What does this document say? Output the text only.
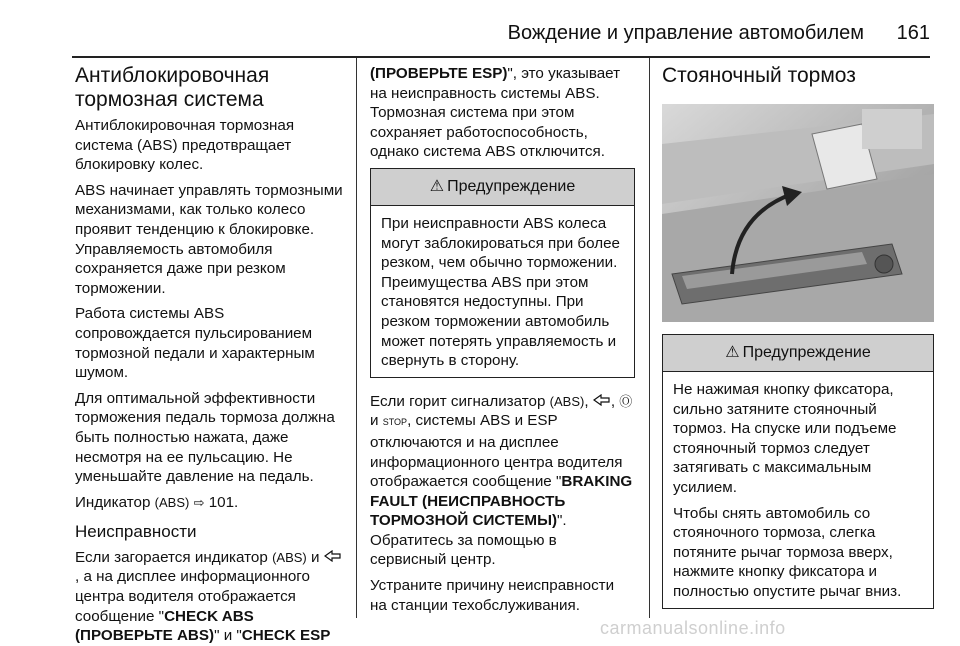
Вождение и управление автомобилем 161
Антиблокировочная тормозная система

Антиблокировочная тормозная система (ABS) предотвращает блокировку колес.

ABS начинает управлять тормозными механизмами, как только колесо проявит тенденцию к блокировке. Управляемость автомобиля сохраняется даже при резком торможении.

Работа системы ABS сопровождается пульсированием тормозной педали и характерным шумом.

Для оптимальной эффективности торможения педаль тормоза должна быть полностью нажата, даже несмотря на ее пульсацию. Не уменьшайте давление на педаль.

Индикатор (ABS) ⇨ 101.

Неисправности

Если загорается индикатор (ABS) и , а на дисплее информационного центра водителя отображается сообщение "CHECK ABS (ПРОВЕРЬТЕ ABS)" и "CHECK ESP

(ПРОВЕРЬТЕ ESP)", это указывает на неисправность системы ABS. Тормозная система при этом сохраняет работоспособность, однако система ABS отключится.

⚠ Предупреждение
При неисправности ABS колеса могут заблокироваться при более резком, чем обычно торможении. Преимущества ABS при этом становятся недоступны. При резком торможении автомобиль может потерять управляемость и свернуть в сторону.

Если горит сигнализатор (ABS), , Ⓞ и STOP, системы ABS и ESP отключаются и на дисплее информационного центра водителя отображается сообщение "BRAKING FAULT (НЕИСПРАВНОСТЬ ТОРМОЗНОЙ СИСТЕМЫ)". Обратитесь за помощью в сервисный центр.

Устраните причину неисправности на станции техобслуживания.

Стояночный тормоз
⚠ Предупреждение

Не нажимая кнопку фиксатора, сильно затяните стояночный тормоз. На спуске или подъеме стояночный тормоз следует затягивать с максимальным усилием.

Чтобы снять автомобиль со стояночного тормоза, слегка потяните рычаг тормоза вверх, нажмите кнопку фиксатора и полностью опустите рычаг вниз.

carmanualsonline.info
